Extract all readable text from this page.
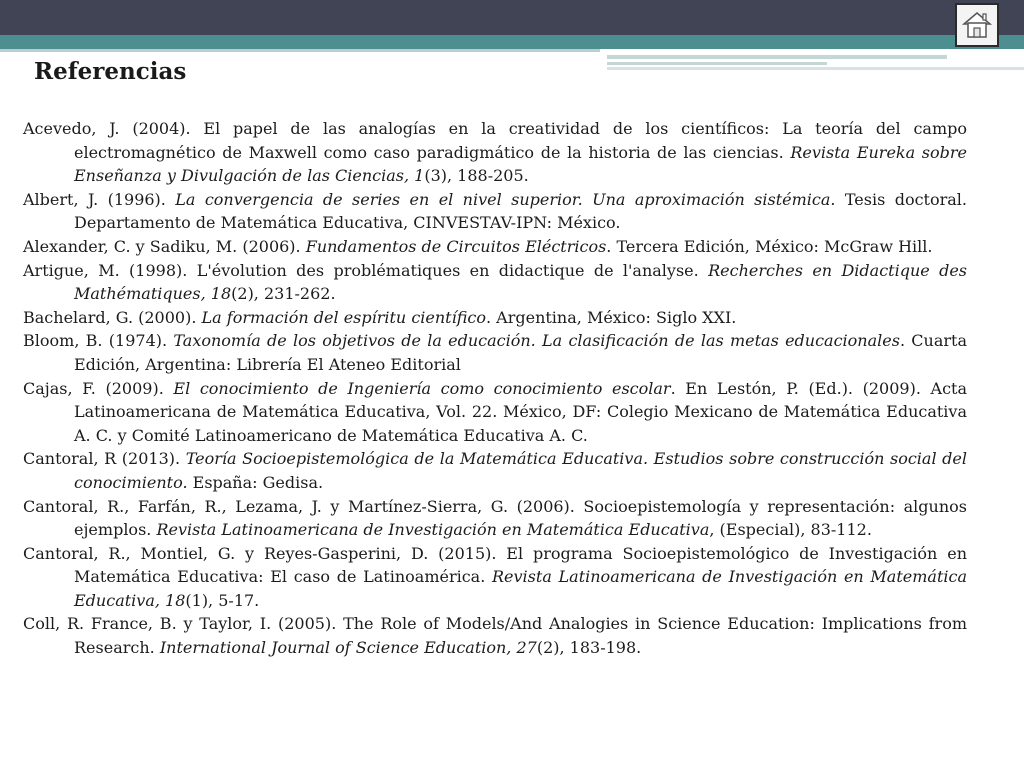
Referencias

Acevedo, J. (2004). El papel de las analogías en la creatividad de los científicos: La teoría del campo electromagnético de Maxwell como caso paradigmático de la historia de las ciencias. Revista Eureka sobre Enseñanza y Divulgación de las Ciencias, 1(3), 188-205.

Albert, J. (1996). La convergencia de series en el nivel superior. Una aproximación sistémica. Tesis doctoral. Departamento de Matemática Educativa, CINVESTAV-IPN: México.

Alexander, C. y Sadiku, M. (2006). Fundamentos de Circuitos Eléctricos. Tercera Edición, México: McGraw Hill.

Artigue, M. (1998). L'évolution des problématiques en didactique de l'analyse. Recherches en Didactique des Mathématiques, 18(2), 231-262.

Bachelard, G. (2000). La formación del espíritu científico. Argentina, México: Siglo XXI.

Bloom, B. (1974). Taxonomía de los objetivos de la educación. La clasificación de las metas educacionales. Cuarta Edición, Argentina: Librería El Ateneo Editorial

Cajas, F. (2009). El conocimiento de Ingeniería como conocimiento escolar. En Lestón, P. (Ed.). (2009). Acta Latinoamericana de Matemática Educativa, Vol. 22. México, DF: Colegio Mexicano de Matemática Educativa A. C. y Comité Latinoamericano de Matemática Educativa A. C.

Cantoral, R (2013). Teoría Socioepistemológica de la Matemática Educativa. Estudios sobre construcción social del conocimiento. España: Gedisa.

Cantoral, R., Farfán, R., Lezama, J. y Martínez-Sierra, G. (2006). Socioepistemología y representación: algunos ejemplos. Revista Latinoamericana de Investigación en Matemática Educativa, (Especial), 83-112.

Cantoral, R., Montiel, G. y Reyes-Gasperini, D. (2015). El programa Socioepistemológico de Investigación en Matemática Educativa: El caso de Latinoamérica. Revista Latinoamericana de Investigación en Matemática Educativa, 18(1), 5-17.

Coll, R. France, B. y Taylor, I. (2005). The Role of Models/And Analogies in Science Education: Implications from Research. International Journal of Science Education, 27(2), 183-198.
